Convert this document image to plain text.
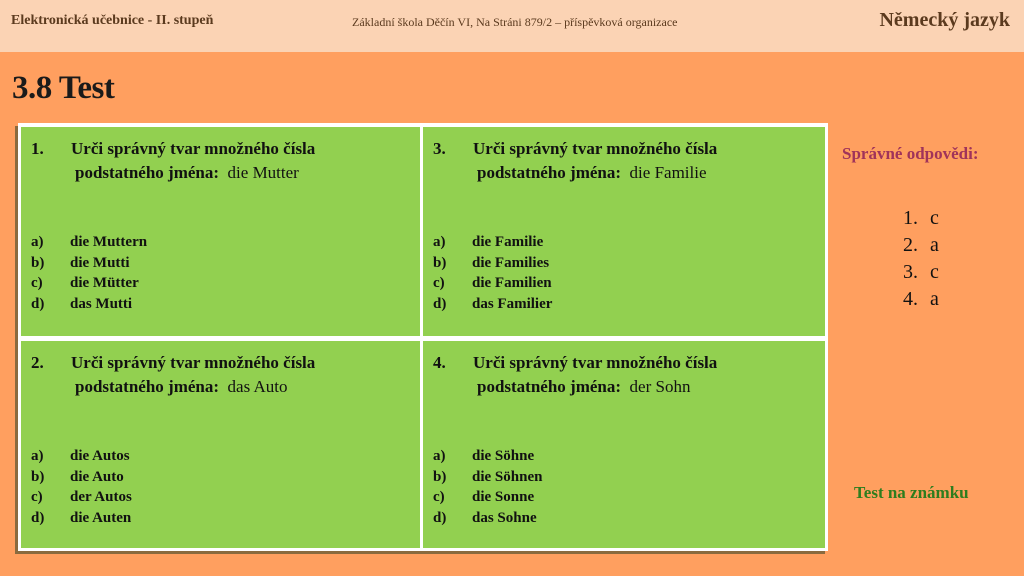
Elektronická učebnice - II. stupeň	Základní škola Děčín VI, Na Stráni 879/2 – příspěvková organizace	Německý jazyk
3.8 Test
1. Urči správný tvar množného čísla
podstatného jména: die Mutter
a) die Muttern
b) die Mutti
c) die Mütter
d) das Mutti
3. Urči správný tvar množného čísla
podstatného jména: die Familie
a) die Familie
b) die Families
c) die Familien
d) das Familier
2. Urči správný tvar množného čísla
podstatného jména: das Auto
a) die Autos
b) die Auto
c) der Autos
d) die Auten
4. Urči správný tvar množného čísla
podstatného jména: der Sohn
a) die Söhne
b) die Söhnen
c) die Sonne
d) das Sohne
Správné odpovědi:
1. c
2. a
3. c
4. a
Test na známku
